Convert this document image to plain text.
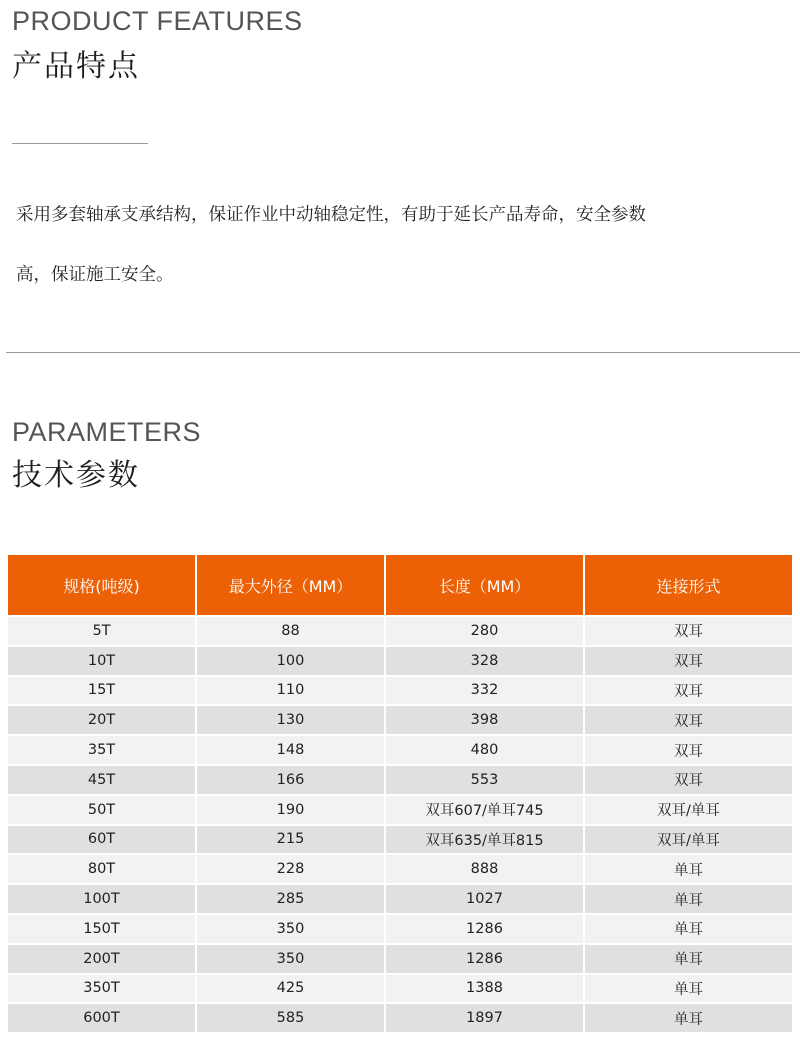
PRODUCT FEATURES
产品特点

采用多套轴承支承结构，保证作业中动轴稳定性，有助于延长产品寿命，安全参数

高，保证施工安全。

PARAMETERS
技术参数
规格(吨级)	最大外径（MM）	长度（MM）	连接形式
5T	88	280	双耳
10T	100	328	双耳
15T	110	332	双耳
20T	130	398	双耳
35T	148	480	双耳
45T	166	553	双耳
50T	190	双耳607/单耳745	双耳/单耳
60T	215	双耳635/单耳815	双耳/单耳
80T	228	888	单耳
100T	285	1027	单耳
150T	350	1286	单耳
200T	350	1286	单耳
350T	425	1388	单耳
600T	585	1897	单耳
